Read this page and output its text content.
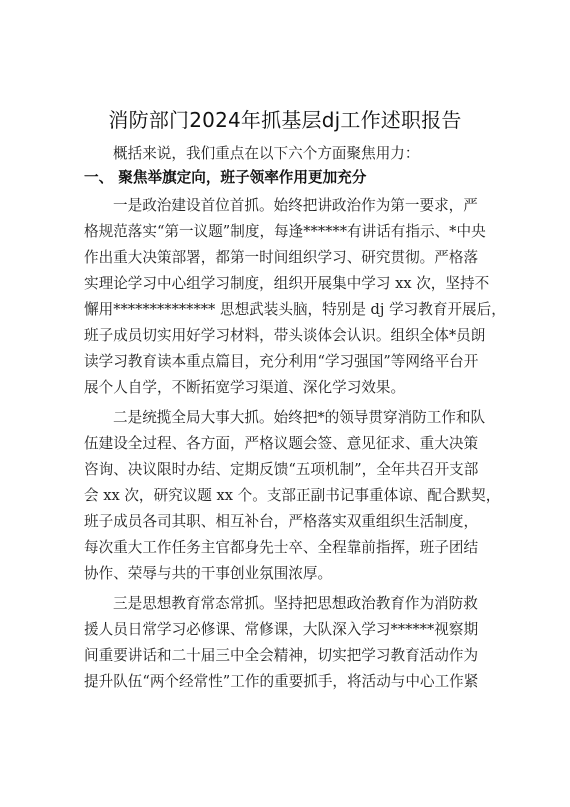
消防部门2024年抓基层dj工作述职报告
概括来说，我们重点在以下六个方面聚焦用力：
一、 聚焦举旗定向，班子领率作用更加充分
一是政治建设首位首抓。始终把讲政治作为第一要求，严
格规范落实“第一议题”制度，每逢******有讲话有指示、*中央
作出重大决策部署，都第一时间组织学习、研究贯彻。严格落
实理论学习中心组学习制度，组织开展集中学习 xx 次，坚持不
懈用************** 思想武装头脑，特别是 dj 学习教育开展后，
班子成员切实用好学习材料，带头谈体会认识。组织全体*员朗
读学习教育读本重点篇目，充分利用“学习强国”等网络平台开
展个人自学，不断拓宽学习渠道、深化学习效果。
二是统揽全局大事大抓。始终把*的领导贯穿消防工作和队
伍建设全过程、各方面，严格议题会签、意见征求、重大决策
咨询、决议限时办结、定期反馈“五项机制”，全年共召开支部
会 xx 次，研究议题 xx 个。支部正副书记事重体谅、配合默契，
班子成员各司其职、相互补台，严格落实双重组织生活制度，
每次重大工作任务主官都身先士卒、全程靠前指挥，班子团结
协作、荣辱与共的干事创业氛围浓厚。
三是思想教育常态常抓。坚持把思想政治教育作为消防救
援人员日常学习必修课、常修课，大队深入学习******视察期
间重要讲话和二十届三中全会精神，切实把学习教育活动作为
提升队伍“两个经常性”工作的重要抓手，将活动与中心工作紧
